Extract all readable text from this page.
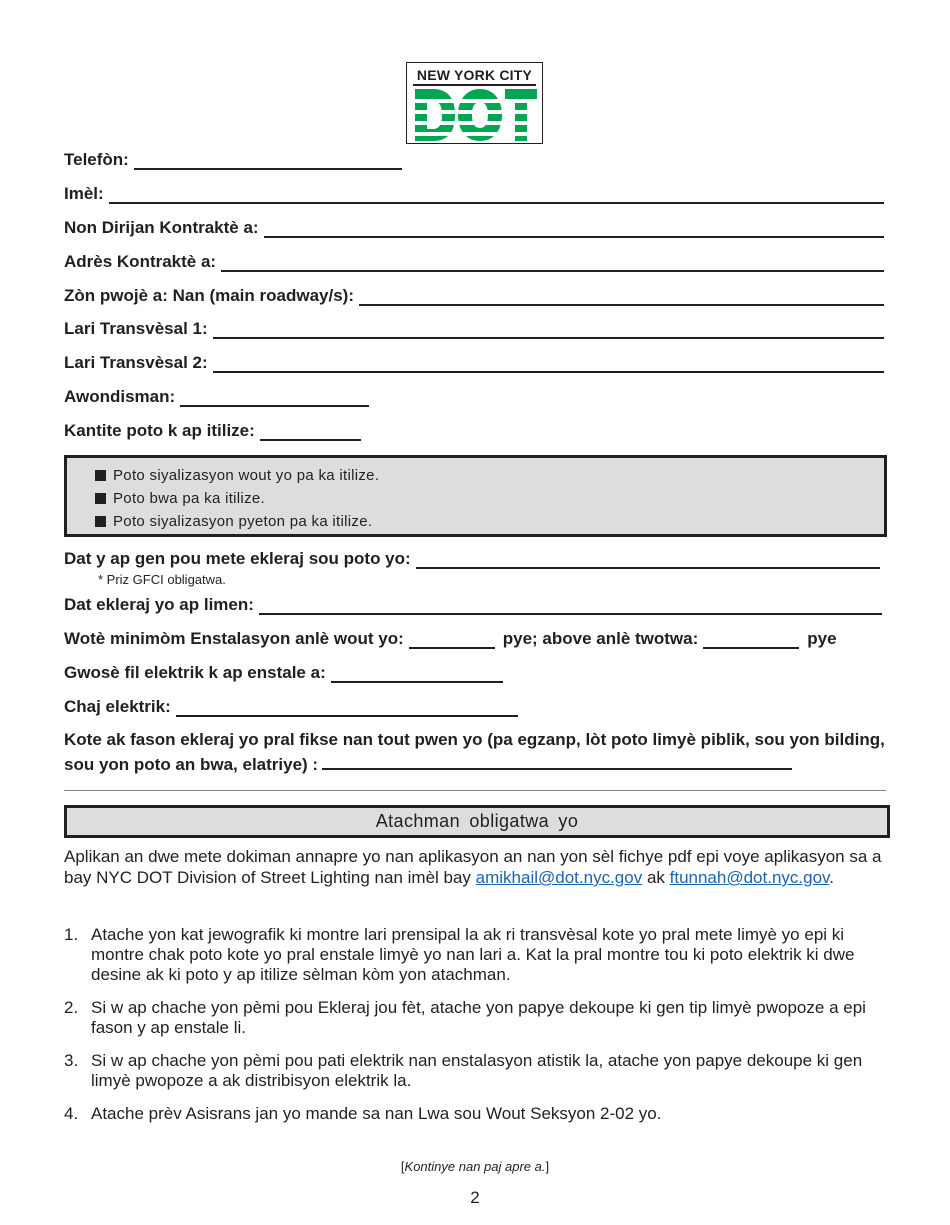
NEW YORK CITY
Telefòn:
Imèl:
Non Dirijan Kontraktè a:
Adrès Kontraktè a:
Zòn pwojè a: Nan (main roadway/s):
Lari Transvèsal 1:
Lari Transvèsal 2:
Awondisman:
Kantite poto k ap itilize:
Poto siyalizasyon wout yo pa ka itilize.
Poto bwa pa ka itilize.
Poto siyalizasyon pyeton pa ka itilize.
Dat y ap gen pou mete ekleraj sou poto yo:
* Priz GFCI obligatwa.
Dat ekleraj yo ap limen:
Wotè minimòm Enstalasyon anlè wout yo:	pye; above anlè twotwa:	pye
Gwosè fil elektrik k ap enstale a:
Chaj elektrik:
Kote ak fason ekleraj yo pral fikse nan tout pwen yo (pa egzanp, lòt poto limyè piblik, sou yon bilding, sou yon poto an bwa, elatriye) :
Atachman obligatwa yo
Aplikan an dwe mete dokiman annapre yo nan aplikasyon an nan yon sèl fichye pdf epi voye aplikasyon sa a bay NYC DOT Division of Street Lighting nan imèl bay amikhail@dot.nyc.gov ak ftunnah@dot.nyc.gov.
1. Atache yon kat jewografik ki montre lari prensipal la ak ri transvèsal kote yo pral mete limyè yo epi ki montre chak poto kote yo pral enstale limyè yo nan lari a. Kat la pral montre tou ki poto elektrik ki dwe desine ak ki poto y ap itilize sèlman kòm yon atachman.
2. Si w ap chache yon pèmi pou Ekleraj jou fèt, atache yon papye dekoupe ki gen tip limyè pwopoze a epi fason y ap enstale li.
3. Si w ap chache yon pèmi pou pati elektrik nan enstalasyon atistik la, atache yon papye dekoupe ki gen limyè pwopoze a ak distribisyon elektrik la.
4. Atache prèv Asisrans jan yo mande sa nan Lwa sou Wout Seksyon 2-02 yo.
[Kontinye nan paj apre a.]
2
